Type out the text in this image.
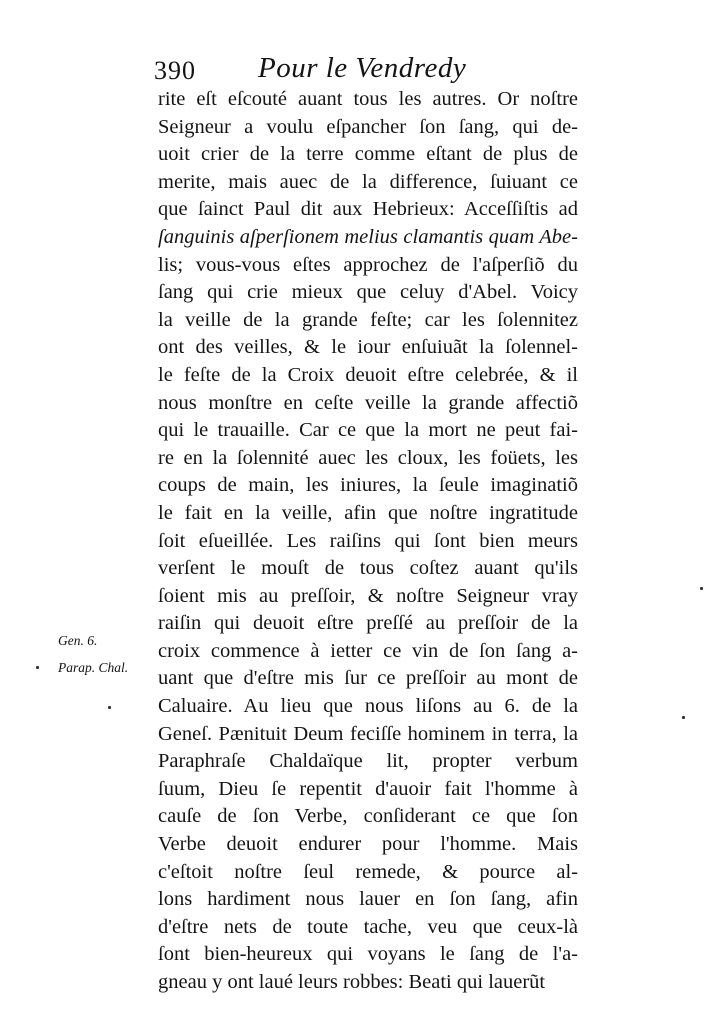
390 Pour le Vendredy
rite eſt eſcouté auant tous les autres. Or noſtre
Seigneur a voulu eſpancher ſon ſang, qui de-
uoit crier de la terre comme eſtant de plus de
merite, mais auec de la difference, ſuiuant ce
que ſainct Paul dit aux Hebrieux: Acceſſiſtis ad
ſanguinis aſperſionem melius clamantis quam Abe-
lis; vous-vous eſtes approchez de l'aſperſiõ du
ſang qui crie mieux que celuy d'Abel. Voicy
la veille de la grande feſte; car les ſolennitez
ont des veilles, & le iour enſuiuãt la ſolennel-
le feſte de la Croix deuoit eſtre celebrée, & il
nous monſtre en ceſte veille la grande affectiõ
qui le trauaille. Car ce que la mort ne peut fai-
re en la ſolennité auec les cloux, les foüets, les
coups de main, les iniures, la ſeule imaginatiõ
le fait en la veille, afin que noſtre ingratitude
ſoit eſueillée. Les raiſins qui ſont bien meurs
verſent le mouſt de tous coſtez auant qu'ils
ſoient mis au preſſoir, & noſtre Seigneur vray
raiſin qui deuoit eſtre preſſé au preſſoir de la
croix commence à ietter ce vin de ſon ſang a-
uant que d'eſtre mis ſur ce preſſoir au mont de
Caluaire. Au lieu que nous liſons au 6. de la
Geneſ. Pænituit Deum feciſſe hominem in terra, la
Paraphraſe Chaldaïque lit, propter verbum
ſuum, Dieu ſe repentit d'auoir fait l'homme à
cauſe de ſon Verbe, conſiderant ce que ſon
Verbe deuoit endurer pour l'homme. Mais
c'eſtoit noſtre ſeul remede, & pource al-
lons hardiment nous lauer en ſon ſang, afin
d'eſtre nets de toute tache, veu que ceux-là
ſont bien-heureux qui voyans le ſang de l'a-
gneau y ont laué leurs robbes: Beati qui lauerũt
Gen. 6.
Parap. Chal.
